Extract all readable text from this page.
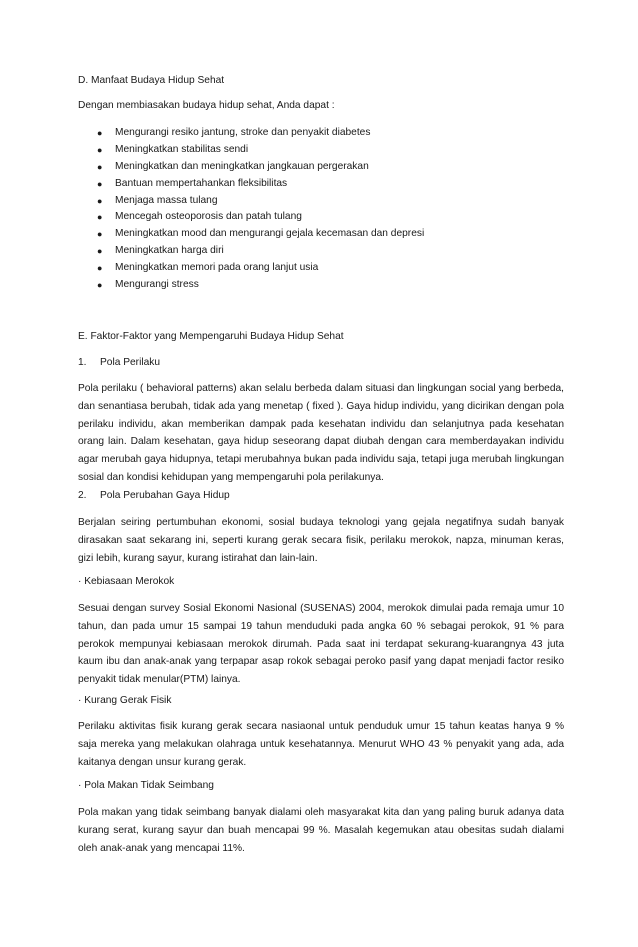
D. Manfaat Budaya Hidup Sehat
Dengan membiasakan budaya hidup sehat, Anda dapat :
● Mengurangi resiko jantung, stroke dan penyakit diabetes
● Meningkatkan stabilitas sendi
● Meningkatkan dan meningkatkan jangkauan pergerakan
● Bantuan mempertahankan fleksibilitas
● Menjaga massa tulang
● Mencegah osteoporosis dan patah tulang
● Meningkatkan mood dan mengurangi gejala kecemasan dan depresi
● Meningkatkan harga diri
● Meningkatkan memori pada orang lanjut usia
● Mengurangi stress
E. Faktor-Faktor yang Mempengaruhi Budaya Hidup Sehat
1. Pola Perilaku
Pola perilaku ( behavioral patterns) akan selalu berbeda dalam situasi dan lingkungan social yang berbeda, dan senantiasa berubah, tidak ada yang menetap ( fixed ). Gaya hidup individu, yang dicirikan dengan pola perilaku individu, akan memberikan dampak pada kesehatan individu dan selanjutnya pada kesehatan orang lain. Dalam kesehatan, gaya hidup seseorang dapat diubah dengan cara memberdayakan individu agar merubah gaya hidupnya, tetapi merubahnya bukan pada individu saja, tetapi juga merubah lingkungan sosial dan kondisi kehidupan yang mempengaruhi pola perilakunya.
2. Pola Perubahan Gaya Hidup
Berjalan seiring pertumbuhan ekonomi, sosial budaya teknologi yang gejala negatifnya sudah banyak dirasakan saat sekarang ini, seperti kurang gerak secara fisik, perilaku merokok, napza, minuman keras, gizi lebih, kurang sayur, kurang istirahat dan lain-lain.
· Kebiasaan Merokok
Sesuai dengan survey Sosial Ekonomi Nasional (SUSENAS) 2004, merokok dimulai pada remaja umur 10 tahun, dan pada umur 15 sampai 19 tahun menduduki pada angka 60 % sebagai perokok, 91 % para perokok mempunyai kebiasaan merokok dirumah. Pada saat ini terdapat sekurang-kuarangnya 43 juta kaum ibu dan anak-anak yang terpapar asap rokok sebagai peroko pasif yang dapat menjadi factor resiko penyakit tidak menular(PTM) lainya.
· Kurang Gerak Fisik
Perilaku aktivitas fisik kurang gerak secara nasiaonal untuk penduduk umur 15 tahun keatas hanya 9 % saja mereka yang melakukan olahraga untuk kesehatannya. Menurut WHO 43 % penyakit yang ada, ada kaitanya dengan unsur kurang gerak.
· Pola Makan Tidak Seimbang
Pola makan yang tidak seimbang banyak dialami oleh masyarakat kita dan yang paling buruk adanya data kurang serat, kurang sayur dan buah mencapai 99 %. Masalah kegemukan atau obesitas sudah dialami oleh anak-anak yang mencapai 11%.
